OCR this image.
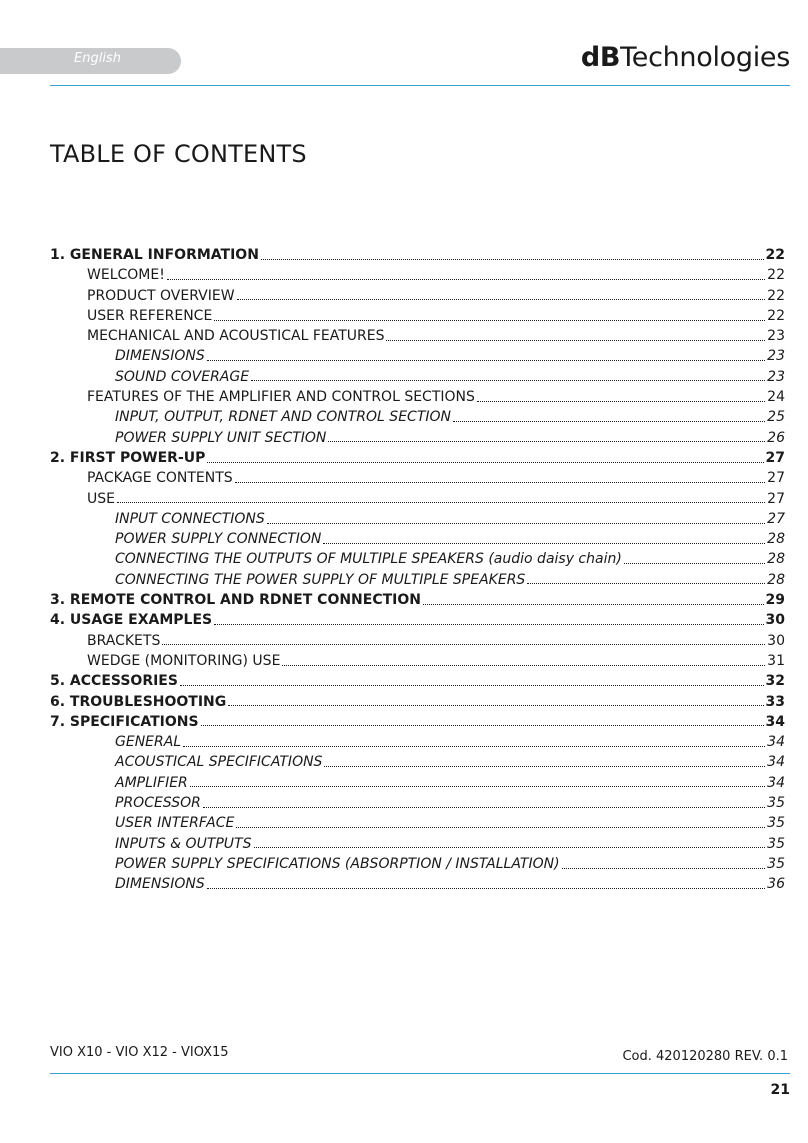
English	dBTechnologies
TABLE OF CONTENTS
1. GENERAL INFORMATION	22
WELCOME!	22
PRODUCT OVERVIEW	22
USER REFERENCE	22
MECHANICAL AND ACOUSTICAL FEATURES	23
DIMENSIONS	23
SOUND COVERAGE	23
FEATURES OF THE AMPLIFIER AND CONTROL SECTIONS	24
INPUT, OUTPUT, RDNET AND CONTROL SECTION	25
POWER SUPPLY UNIT SECTION	26
2. FIRST POWER-UP	27
PACKAGE CONTENTS	27
USE	27
INPUT CONNECTIONS	27
POWER SUPPLY CONNECTION	28
CONNECTING THE OUTPUTS OF MULTIPLE SPEAKERS (audio daisy chain)	28
CONNECTING THE POWER SUPPLY OF MULTIPLE SPEAKERS	28
3. REMOTE CONTROL AND RDNET CONNECTION	29
4. USAGE EXAMPLES	30
BRACKETS	30
WEDGE (MONITORING) USE	31
5. ACCESSORIES	32
6. TROUBLESHOOTING	33
7. SPECIFICATIONS	34
GENERAL	34
ACOUSTICAL SPECIFICATIONS	34
AMPLIFIER	34
PROCESSOR	35
USER INTERFACE	35
INPUTS & OUTPUTS	35
POWER SUPPLY SPECIFICATIONS (ABSORPTION / INSTALLATION)	35
DIMENSIONS	36
VIO X10 - VIO X12 - VIOX15	Cod. 420120280 REV. 0.1
21
